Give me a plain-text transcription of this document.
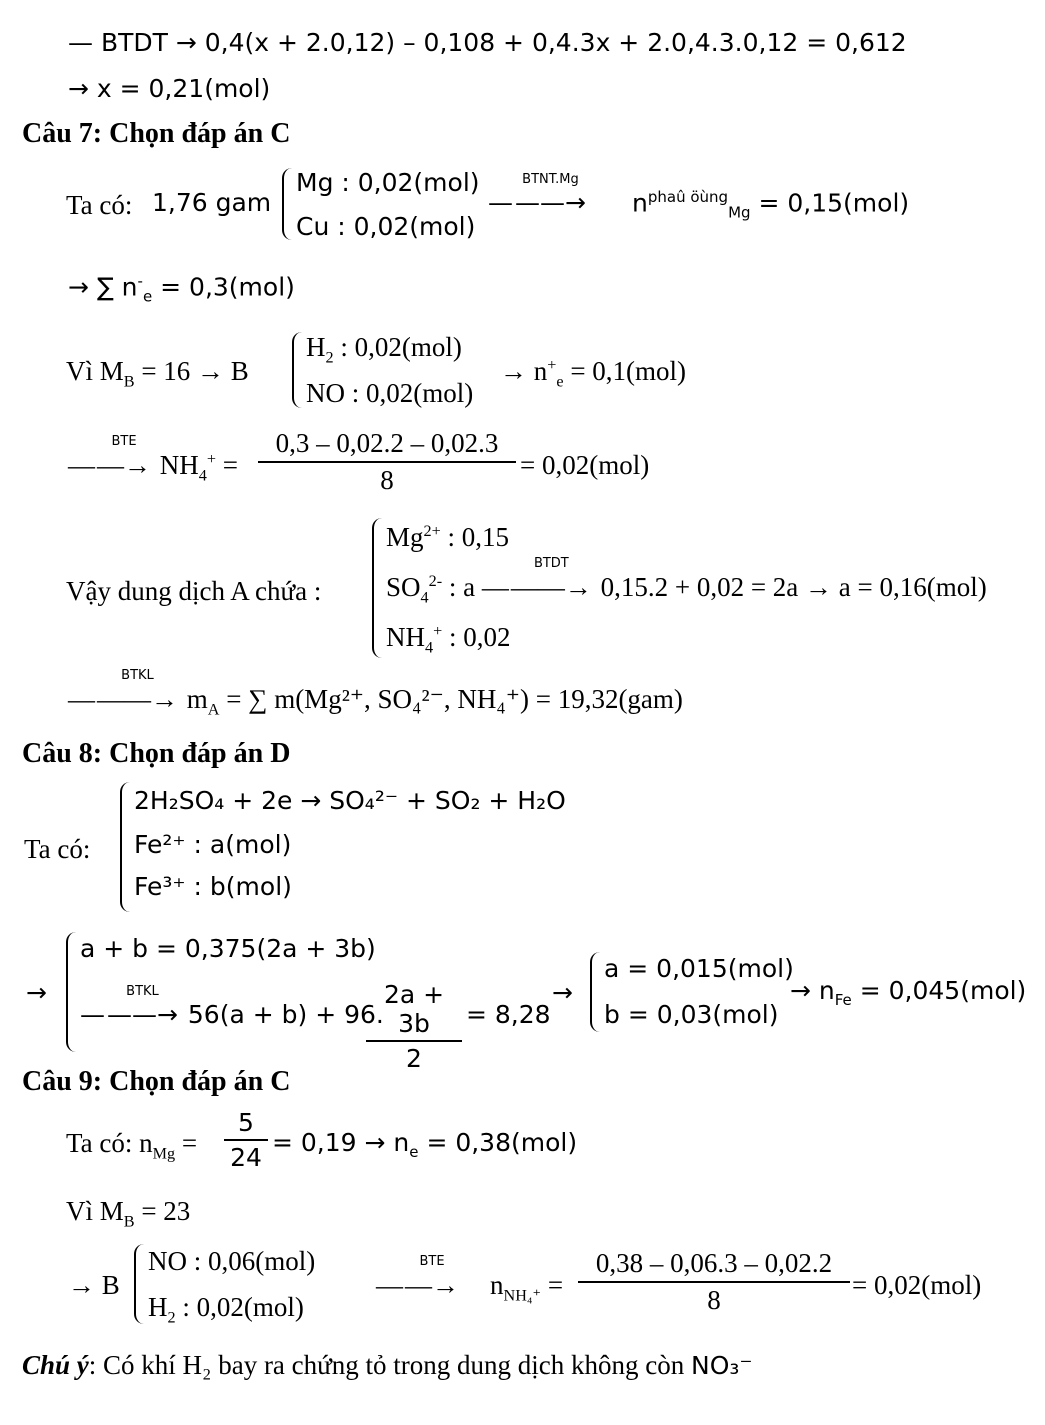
— BTDT → 0,4(x + 2.0,12) – 0,108 + 0,4.3x + 2.0,4.3.0,12 = 0,612
→ x = 0,21(mol)
Câu 7: Chọn đáp án C
Ta có: 1,76 gam
Mg : 0,02(mol)
Cu : 0,02(mol)
—
BTNT.Mg
——→ $n^{phaû öùng}_{Mg} = 0,15(mol)$
→ ∑ $n^-_e = 0,3(mol)$
Vì $M_B = 16 \to B$
$H_2$ : 0,02(mol)
NO : 0,02(mol)
→ $n^+_e = 0,1(mol)$
—
BTE
—→ $NH_4^+$ =
0,3 – 0,02.2 – 0,02.3
8	= 0,02(mol)
Vậy dung dịch A chứa :
$Mg^{2+}$ : 0,15
$SO_4^{2-}$ : a —
BTDT
——→ 0,15.2 + 0,02 = 2a → a = 0,16(mol)
$NH_4^+$ : 0,02
—
BTKL
——→ $m_A$ = ∑ m(Mg²⁺, SO₄²⁻, NH₄⁺) = 19,32(gam)
Câu 8: Chọn đáp án D
Ta có:
2H₂SO₄ + 2e → SO₄²⁻ + SO₂ + H₂O
Fe²⁺ : a(mol)
Fe³⁺ : b(mol)
→
a + b = 0,375(2a + 3b)
—
BTKL
——→ 56(a + b) + 96.
2a + 3b
2
= 8,28
→
a = 0,015(mol)
b = 0,03(mol)
→ $n_{Fe} = 0,045(mol)$
Câu 9: Chọn đáp án C
Ta có: $n_{Mg}$ =
5
24
= $0,19 \to n_e = 0,38(mol)$
Vì $M_B = 23$
→ B
NO : 0,06(mol)
$H_2$ : 0,02(mol)
—
BTE
—→ $n_{NH_4^+}$ =
0,38 – 0,06.3 – 0,02.2
8	= 0,02(mol)
Chú ý: Có khí H₂ bay ra chứng tỏ trong dung dịch không còn NO₃⁻
